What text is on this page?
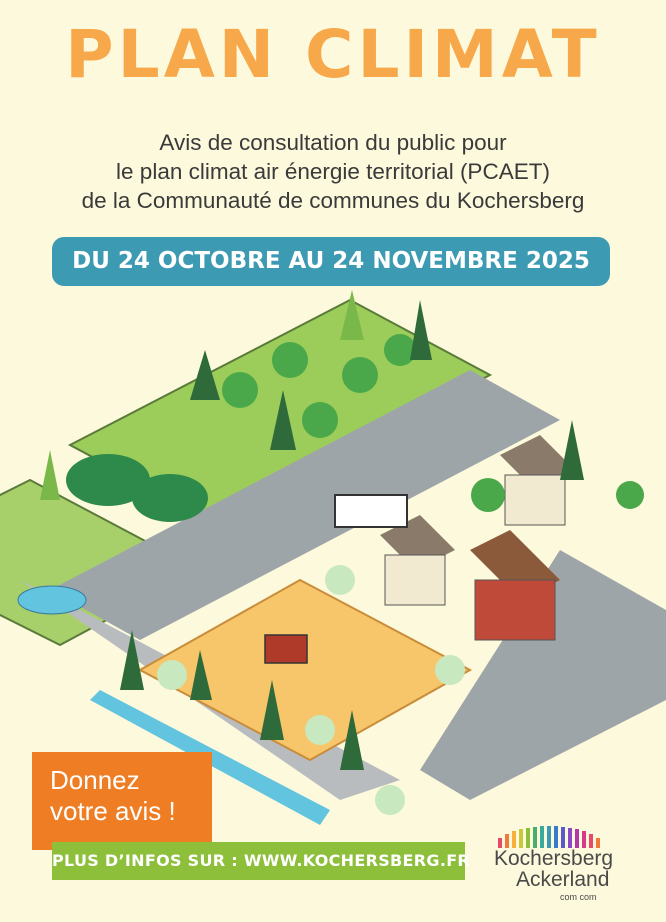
PLAN CLIMAT
Avis de consultation du public pour
le plan climat air énergie territorial (PCAET)
de la Communauté de communes du Kochersberg
DU 24 OCTOBRE AU 24 NOVEMBRE 2025
Donnez
votre avis !
PLUS D’INFOS SUR : WWW.KOCHERSBERG.FR Kochersberg
Ackerland
com com
